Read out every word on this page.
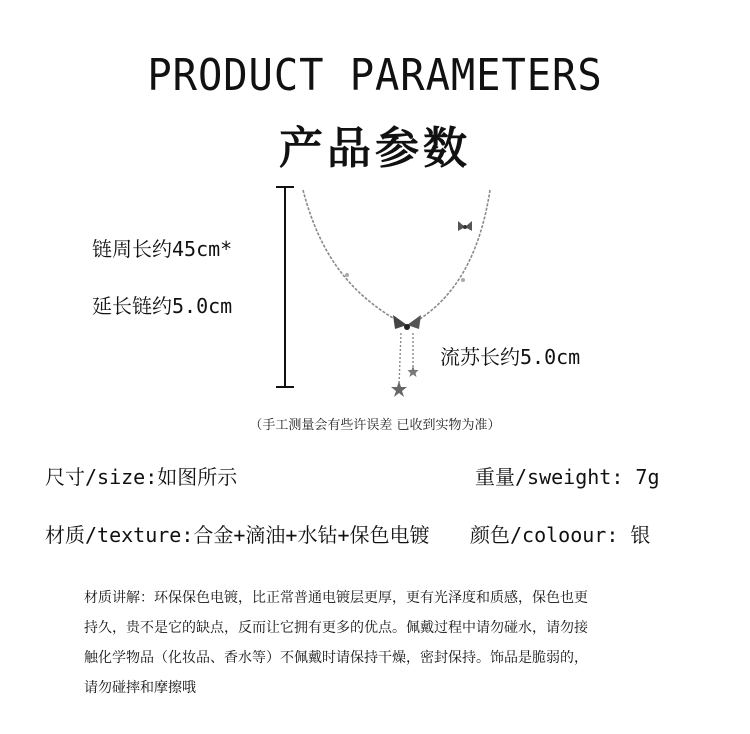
PRODUCT PARAMETERS
产品参数
链周长约45cm*
延长链约5.0cm
流苏长约5.0cm
（手工测量会有些许误差 已收到实物为准）
尺寸/size:如图所示	重量/sweight: 7g
材质/texture:合金+滴油+水钻+保色电镀 颜色/coloour: 银
材质讲解：环保保色电镀，比正常普通电镀层更厚，更有光泽度和质感，保色也更
持久，贵不是它的缺点，反而让它拥有更多的优点。佩戴过程中请勿碰水，请勿接
触化学物品（化妆品、香水等）不佩戴时请保持干燥，密封保持。饰品是脆弱的，
请勿碰摔和摩擦哦
